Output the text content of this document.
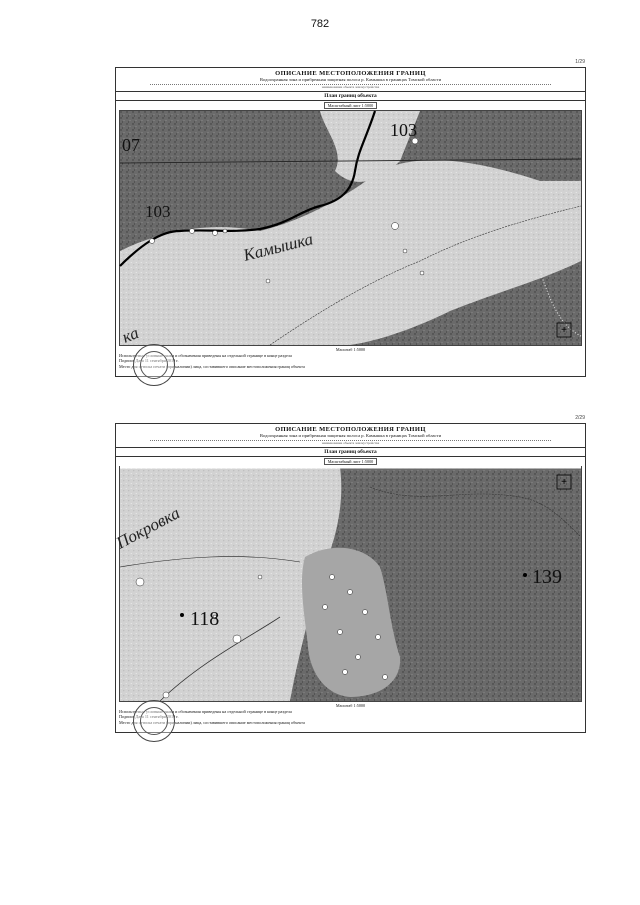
782
1/29
ОПИСАНИЕ МЕСТОПОЛОЖЕНИЯ ГРАНИЦ
Водоохранная зона и прибрежная защитная полоса р. Камышка в границах Томской области
наименование объекта землеустройства
План границ объекта
Масштабный лист 1:5000
+
07
103
103
Камышка
ка
Масштаб 1:5000
Используемые условные знаки и обозначения приведены на отдельной странице в конце раздела
Подпись Дата 11 сентября 2019 г.
Место для оттиска печати (при наличии) лица, составившего описание местоположения границ объекта
2/29
ОПИСАНИЕ МЕСТОПОЛОЖЕНИЯ ГРАНИЦ
Водоохранная зона и прибрежная защитная полоса р. Камышка в границах Томской области
наименование объекта землеустройства
План границ объекта
Масштабный лист 1:5000
+
Покровка
118
139
Масштаб 1:5000
Используемые условные знаки и обозначения приведены на отдельной странице в конце раздела
Подпись Дата 11 сентября 2019 г.
Место для оттиска печати (при наличии) лица, составившего описание местоположения границ объекта
